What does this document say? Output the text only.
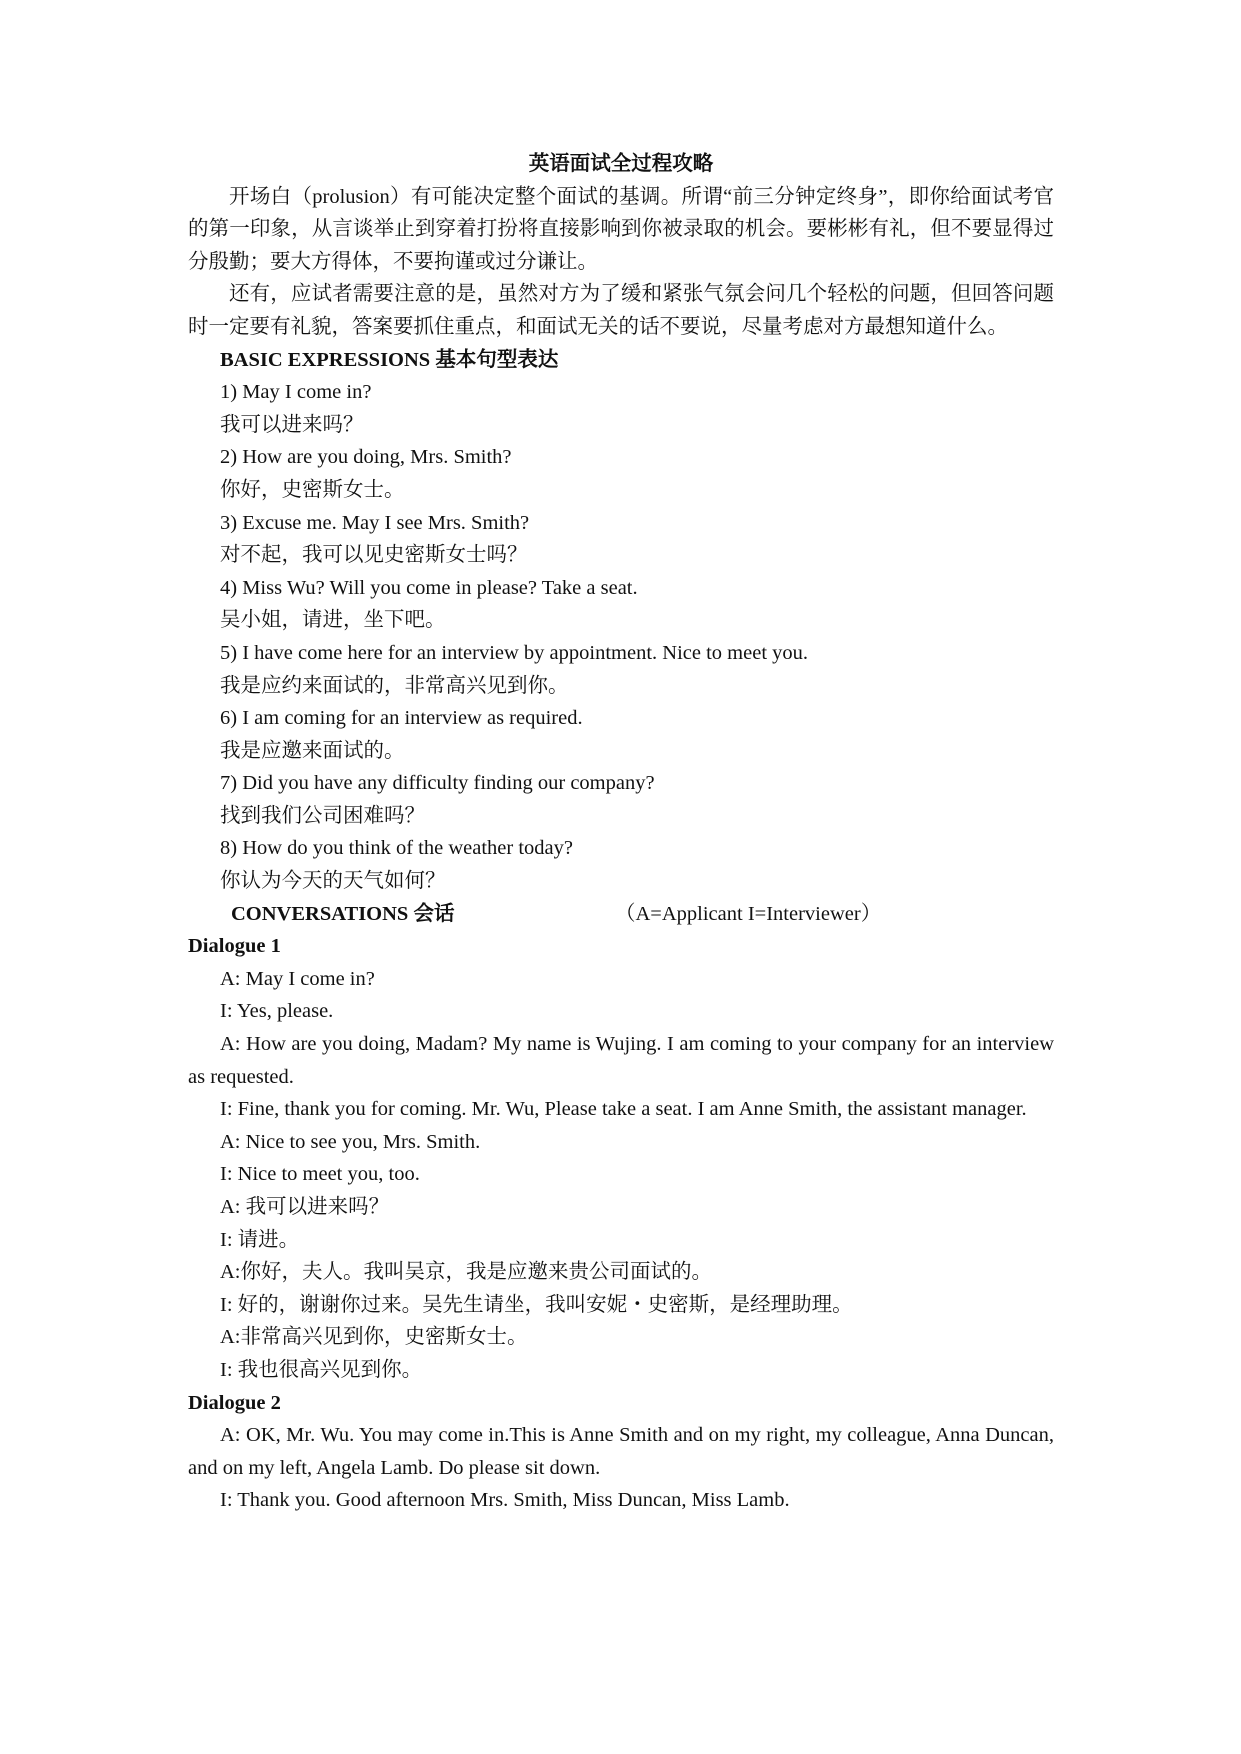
英语面试全过程攻略

开场白（prolusion）有可能决定整个面试的基调。所谓“前三分钟定终身”，即你给面试考官的第一印象，从言谈举止到穿着打扮将直接影响到你被录取的机会。要彬彬有礼，但不要显得过分殷勤；要大方得体，不要拘谨或过分谦让。

还有，应试者需要注意的是，虽然对方为了缓和紧张气氛会问几个轻松的问题，但回答问题时一定要有礼貌，答案要抓住重点，和面试无关的话不要说，尽量考虑对方最想知道什么。

BASIC EXPRESSIONS 基本句型表达

1) May I come in?

我可以进来吗？

2) How are you doing, Mrs. Smith?

你好，史密斯女士。

3) Excuse me. May I see Mrs. Smith?

对不起，我可以见史密斯女士吗？

4) Miss Wu? Will you come in please? Take a seat.

吴小姐，请进，坐下吧。

5) I have come here for an interview by appointment. Nice to meet you.

我是应约来面试的，非常高兴见到你。

6) I am coming for an interview as required.

我是应邀来面试的。

7) Did you have any difficulty finding our company?

找到我们公司困难吗？

8) How do you think of the weather today?

你认为今天的天气如何？

CONVERSATIONS 会话	（A=Applicant I=Interviewer）

Dialogue 1

A: May I come in?

I: Yes, please.

A: How are you doing, Madam? My name is Wujing. I am coming to your company for an interview as requested.

I: Fine, thank you for coming. Mr. Wu, Please take a seat. I am Anne Smith, the assistant manager.

A: Nice to see you, Mrs. Smith.

I: Nice to meet you, too.

A: 我可以进来吗？

I: 请进。

A:你好，夫人。我叫吴京，我是应邀来贵公司面试的。

I: 好的，谢谢你过来。吴先生请坐，我叫安妮・史密斯，是经理助理。

A:非常高兴见到你，史密斯女士。

I: 我也很高兴见到你。

Dialogue 2

A: OK, Mr. Wu. You may come in.This is Anne Smith and on my right, my colleague, Anna Duncan, and on my left, Angela Lamb. Do please sit down.

I: Thank you. Good afternoon Mrs. Smith, Miss Duncan, Miss Lamb.
